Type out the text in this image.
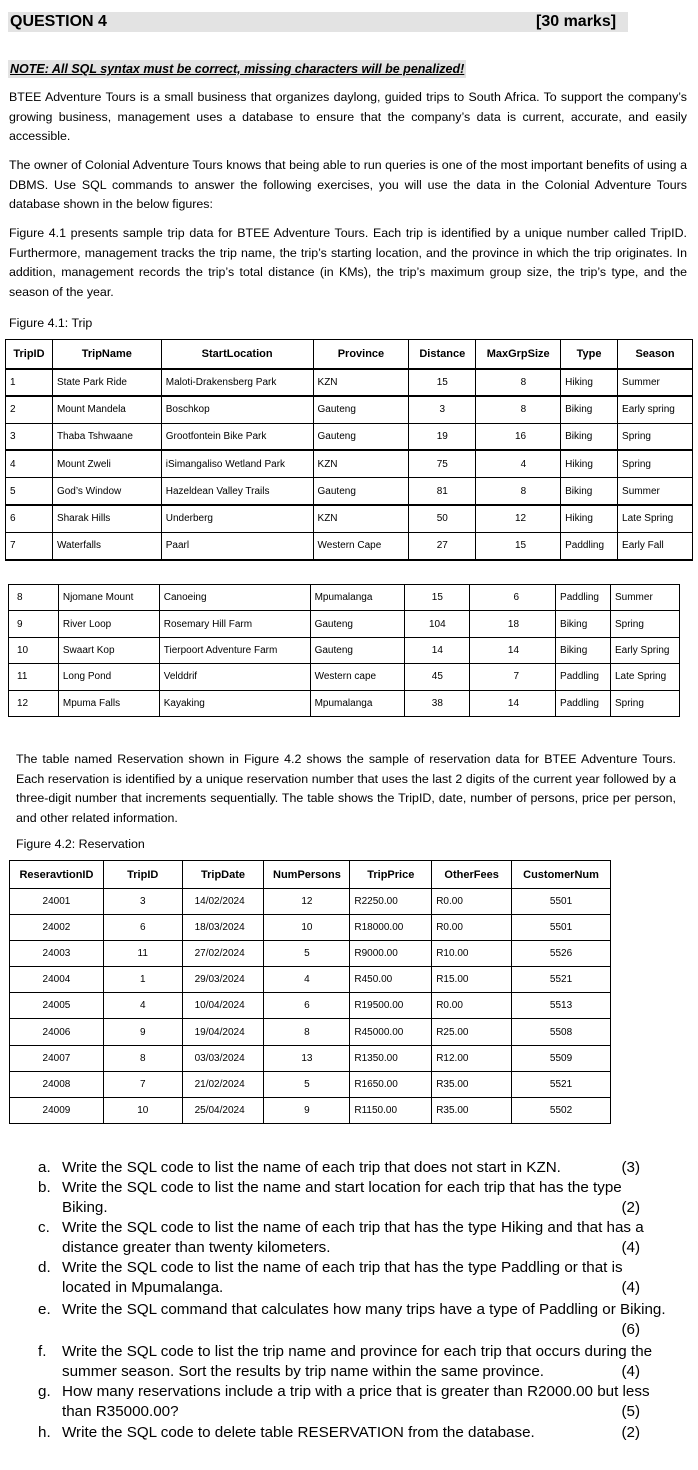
QUESTION 4	[30 marks]
NOTE: All SQL syntax must be correct, missing characters will be penalized!
BTEE Adventure Tours is a small business that organizes daylong, guided trips to South Africa. To support the company’s growing business, management uses a database to ensure that the company’s data is current, accurate, and easily accessible.
The owner of Colonial Adventure Tours knows that being able to run queries is one of the most important benefits of using a DBMS. Use SQL commands to answer the following exercises, you will use the data in the Colonial Adventure Tours database shown in the below figures:
Figure 4.1 presents sample trip data for BTEE Adventure Tours. Each trip is identified by a unique number called TripID. Furthermore, management tracks the trip name, the trip’s starting location, and the province in which the trip originates. In addition, management records the trip’s total distance (in KMs), the trip’s maximum group size, the trip’s type, and the season of the year.
Figure 4.1: Trip
TripID	TripName	StartLocation	Province	Distance	MaxGrpSize	Type	Season
1	State Park Ride	Maloti-Drakensberg Park	KZN	15	8	Hiking	Summer
2	Mount Mandela	Boschkop	Gauteng	3	8	Biking	Early spring
3	Thaba Tshwaane	Grootfontein Bike Park	Gauteng	19	16	Biking	Spring
4	Mount Zweli	iSimangaliso Wetland Park	KZN	75	4	Hiking	Spring
5	God’s Window	Hazeldean Valley Trails	Gauteng	81	8	Biking	Summer
6	Sharak Hills	Underberg	KZN	50	12	Hiking	Late Spring
7	Waterfalls	Paarl	Western Cape	27	15	Paddling	Early Fall
8	Njomane Mount	Canoeing	Mpumalanga	15	6	Paddling	Summer
9	River Loop	Rosemary Hill Farm	Gauteng	104	18	Biking	Spring
10	Swaart Kop	Tierpoort Adventure Farm	Gauteng	14	14	Biking	Early Spring
11	Long Pond	Velddrif	Western cape	45	7	Paddling	Late Spring
12	Mpuma Falls	Kayaking	Mpumalanga	38	14	Paddling	Spring
The table named Reservation shown in Figure 4.2 shows the sample of reservation data for BTEE Adventure Tours. Each reservation is identified by a unique reservation number that uses the last 2 digits of the current year followed by a three-digit number that increments sequentially. The table shows the TripID, date, number of persons, price per person, and other related information.
Figure 4.2: Reservation
ReseravtionID	TripID	TripDate	NumPersons	TripPrice	OtherFees	CustomerNum
24001	3	14/02/2024	12	R2250.00	R0.00	5501
24002	6	18/03/2024	10	R18000.00	R0.00	5501
24003	11	27/02/2024	5	R9000.00	R10.00	5526
24004	1	29/03/2024	4	R450.00	R15.00	5521
24005	4	10/04/2024	6	R19500.00	R0.00	5513
24006	9	19/04/2024	8	R45000.00	R25.00	5508
24007	8	03/03/2024	13	R1350.00	R12.00	5509
24008	7	21/02/2024	5	R1650.00	R35.00	5521
24009	10	25/04/2024	9	R1150.00	R35.00	5502
a. Write the SQL code to list the name of each trip that does not start in KZN.	(3)
b. Write the SQL code to list the name and start location for each trip that has the type
Biking.	(2)
c. Write the SQL code to list the name of each trip that has the type Hiking and that has a
distance greater than twenty kilometers.	(4)
d. Write the SQL code to list the name of each trip that has the type Paddling or that is
located in Mpumalanga.	(4)
e. Write the SQL command that calculates how many trips have a type of Paddling or Biking.
(6)
f. Write the SQL code to list the trip name and province for each trip that occurs during the
summer season. Sort the results by trip name within the same province.	(4)
g. How many reservations include a trip with a price that is greater than R2000.00 but less
than R35000.00?	(5)
h. Write the SQL code to delete table RESERVATION from the database.	(2)
